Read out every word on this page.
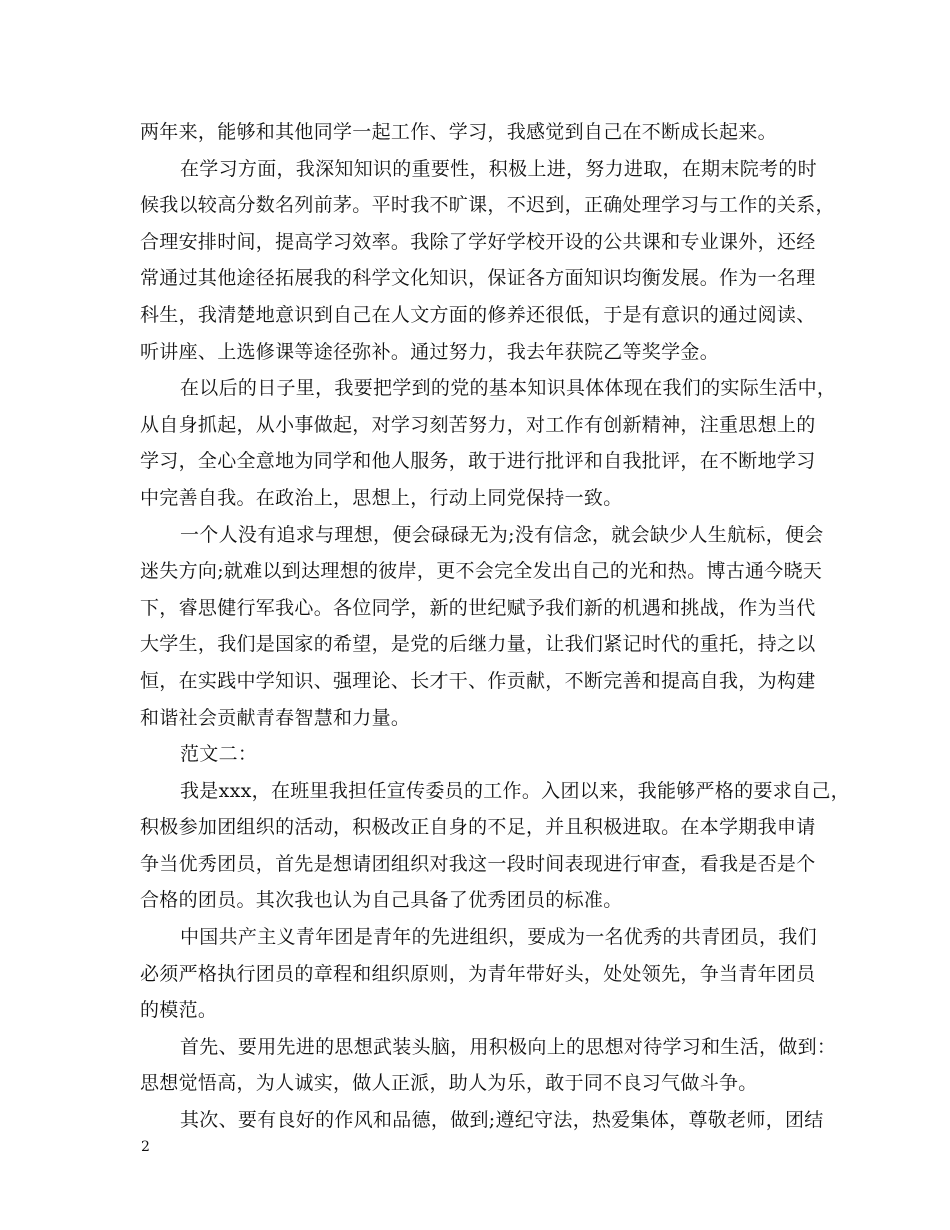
两年来，能够和其他同学一起工作、学习，我感觉到自己在不断成长起来。
在学习方面，我深知知识的重要性，积极上进，努力进取，在期末院考的时
候我以较高分数名列前茅。平时我不旷课，不迟到，正确处理学习与工作的关系，
合理安排时间，提高学习效率。我除了学好学校开设的公共课和专业课外，还经
常通过其他途径拓展我的科学文化知识，保证各方面知识均衡发展。作为一名理
科生，我清楚地意识到自己在人文方面的修养还很低，于是有意识的通过阅读、
听讲座、上选修课等途径弥补。通过努力，我去年获院乙等奖学金。
在以后的日子里，我要把学到的党的基本知识具体体现在我们的实际生活中，
从自身抓起，从小事做起，对学习刻苦努力，对工作有创新精神，注重思想上的
学习，全心全意地为同学和他人服务，敢于进行批评和自我批评，在不断地学习
中完善自我。在政治上，思想上，行动上同党保持一致。
一个人没有追求与理想，便会碌碌无为;没有信念，就会缺少人生航标，便会
迷失方向;就难以到达理想的彼岸，更不会完全发出自己的光和热。博古通今晓天
下，睿思健行军我心。各位同学，新的世纪赋予我们新的机遇和挑战，作为当代
大学生，我们是国家的希望，是党的后继力量，让我们紧记时代的重托，持之以
恒，在实践中学知识、强理论、长才干、作贡献，不断完善和提高自我，为构建
和谐社会贡献青春智慧和力量。
范文二：
我是xxx，在班里我担任宣传委员的工作。入团以来，我能够严格的要求自己，
积极参加团组织的活动，积极改正自身的不足，并且积极进取。在本学期我申请
争当优秀团员，首先是想请团组织对我这一段时间表现进行审查，看我是否是个
合格的团员。其次我也认为自己具备了优秀团员的标准。
中国共产主义青年团是青年的先进组织，要成为一名优秀的共青团员，我们
必须严格执行团员的章程和组织原则，为青年带好头，处处领先，争当青年团员
的模范。
首先、要用先进的思想武装头脑，用积极向上的思想对待学习和生活，做到：
思想觉悟高，为人诚实，做人正派，助人为乐，敢于同不良习气做斗争。
其次、要有良好的作风和品德，做到;遵纪守法，热爱集体，尊敬老师，团结
2
